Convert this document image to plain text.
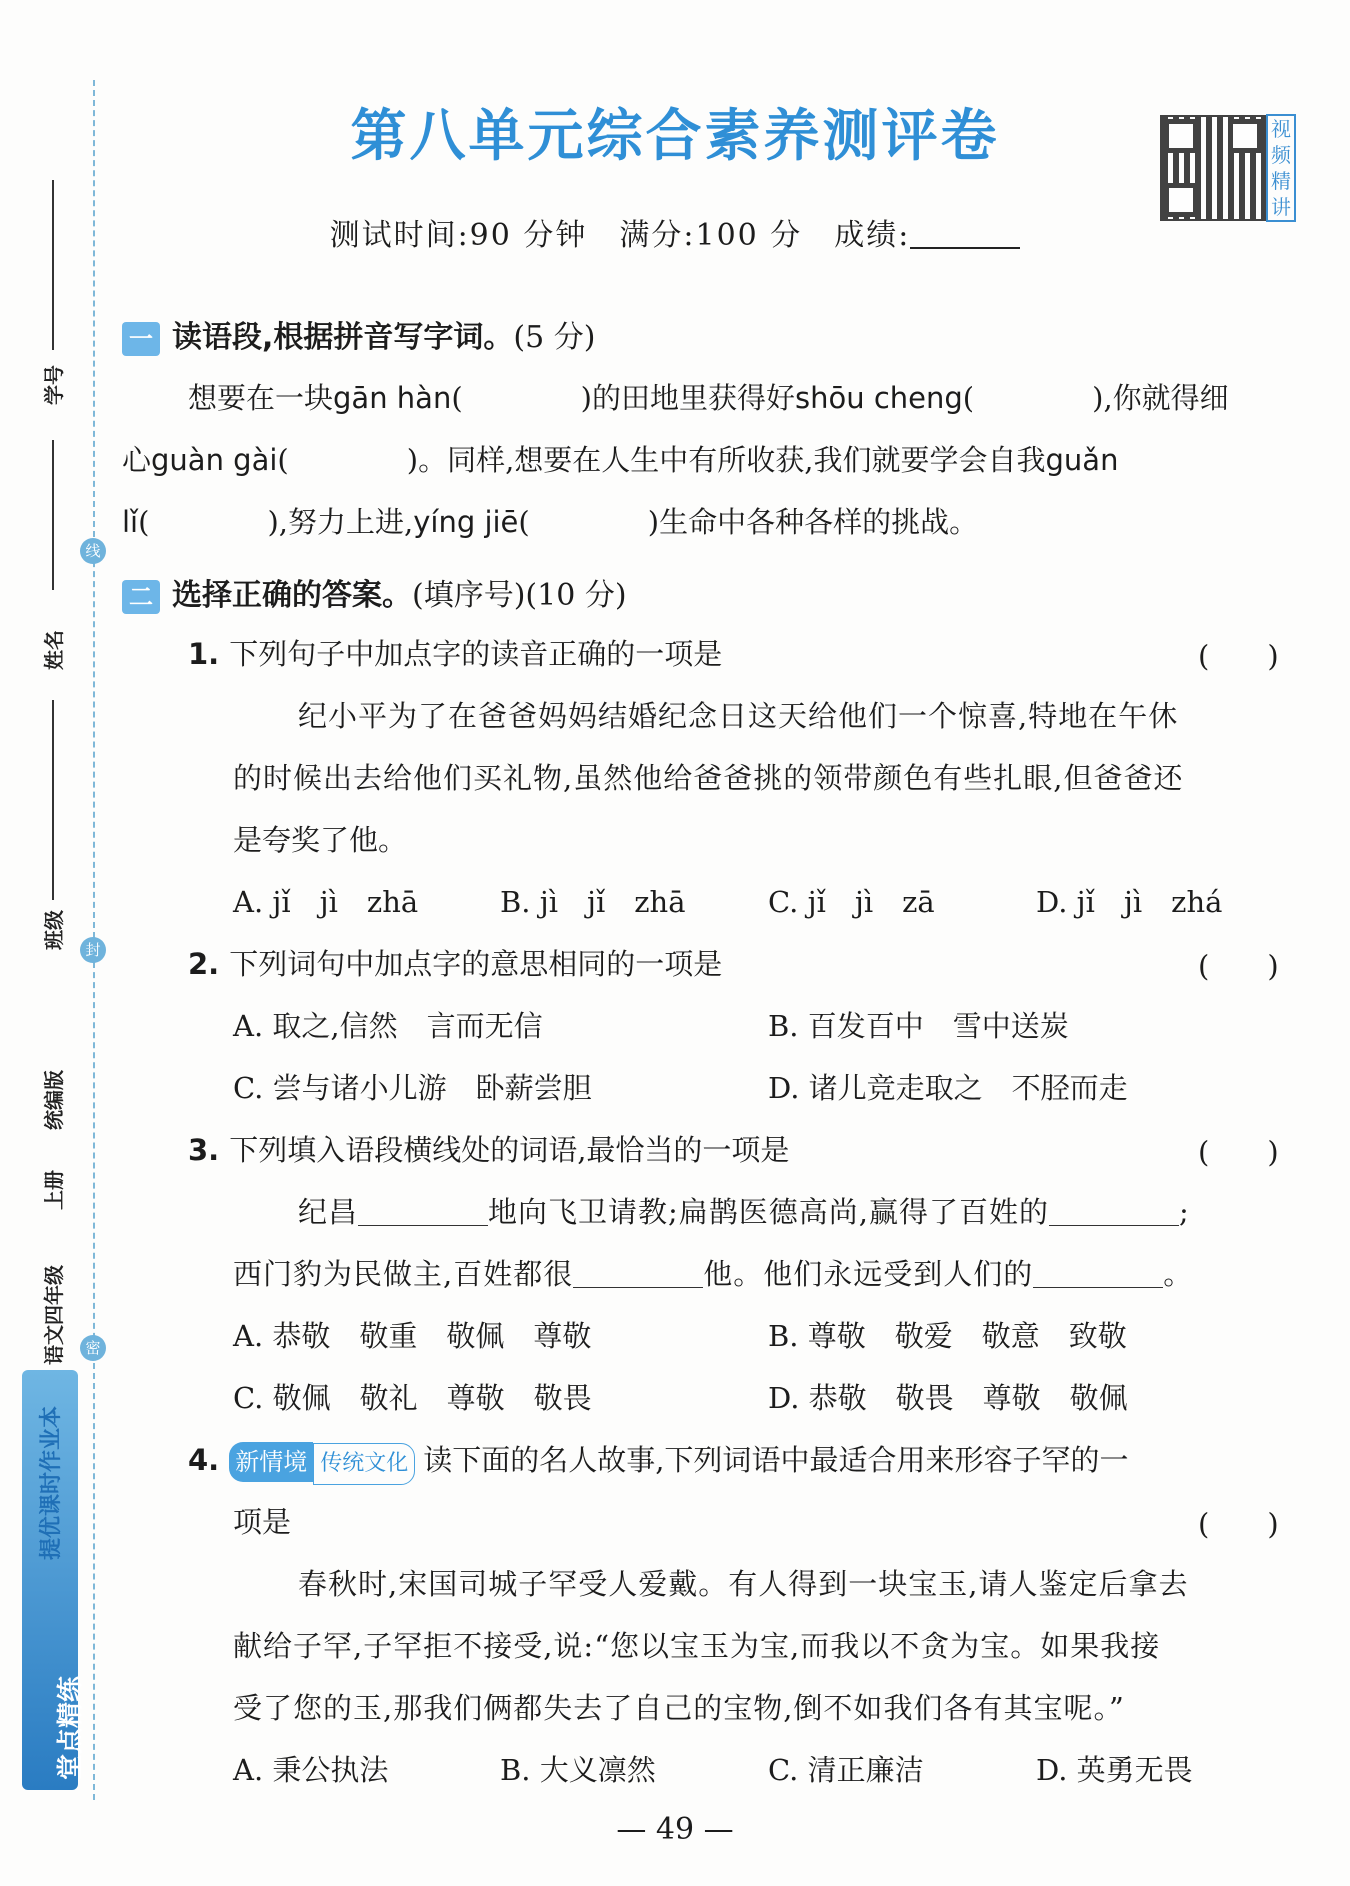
学号
姓名
班级
统编版
上册
语文四年级
线
封
密
堂点精练
提优课时作业本
第八单元综合素养测评卷	视频精讲
测试时间:90 分钟　满分:100 分　成绩:
一 读语段,根据拼音写字词。(5 分)
想要在一块gān hàn(	)的田地里获得好shōu cheng(	),你就得细
心guàn gài(	)。同样,想要在人生中有所收获,我们就要学会自我guǎn
lǐ(	),努力上进,yíng jiē(	)生命中各种各样的挑战。
二 选择正确的答案。(填序号)(10 分)
1. 下列句子中加点字的读音正确的一项是	(　　)
纪小平为了在爸爸妈妈结婚纪念日这天给他们一个惊喜,特地在午休
的时候出去给他们买礼物,虽然他给爸爸挑的领带颜色有些扎眼,但爸爸还
是夸奖了他。
A. jǐ　jì　zhā	B. jì　jǐ　zhā	C. jǐ　jì　zā	D. jǐ　jì　zhá
2. 下列词句中加点字的意思相同的一项是	(　　)
A. 取之,信然　言而无信	B. 百发百中　雪中送炭
C. 尝与诸小儿游　卧薪尝胆	D. 诸儿竞走取之　不胫而走
3. 下列填入语段横线处的词语,最恰当的一项是	(　　)
纪昌	地向飞卫请教;扁鹊医德高尚,赢得了百姓的	;
西门豹为民做主,百姓都很	他。他们永远受到人们的	。
A. 恭敬　敬重　敬佩　尊敬	B. 尊敬　敬爱　敬意　致敬
C. 敬佩　敬礼　尊敬　敬畏	D. 恭敬　敬畏　尊敬　敬佩
4. 新情境 传统文化 读下面的名人故事,下列词语中最适合用来形容子罕的一
项是	(　　)
春秋时,宋国司城子罕受人爱戴。有人得到一块宝玉,请人鉴定后拿去
献给子罕,子罕拒不接受,说:“您以宝玉为宝,而我以不贪为宝。如果我接
受了您的玉,那我们俩都失去了自己的宝物,倒不如我们各有其宝呢。”
A. 秉公执法	B. 大义凛然	C. 清正廉洁	D. 英勇无畏
— 49 —
